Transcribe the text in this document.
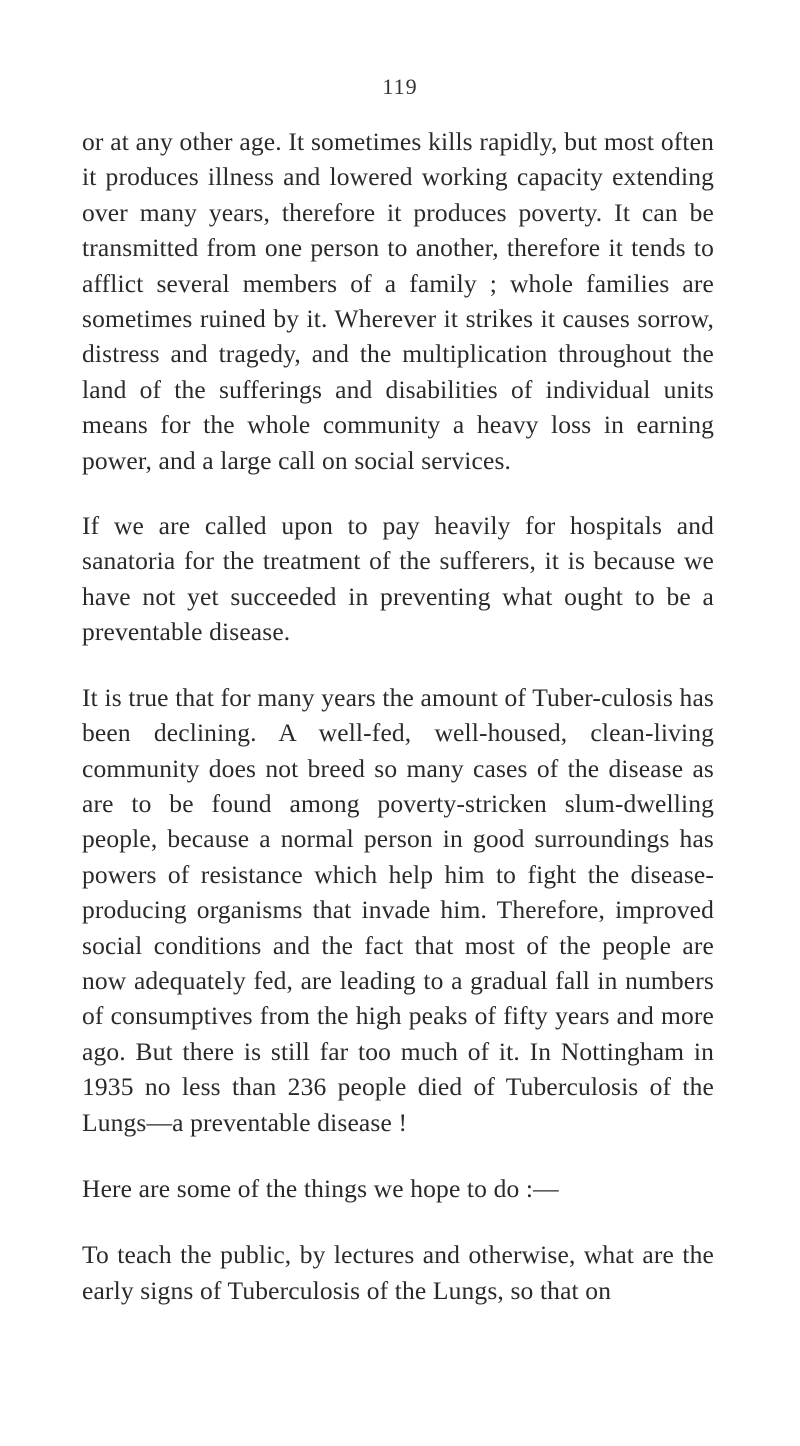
119

or at any other age. It sometimes kills rapidly, but most often it produces illness and lowered working capacity extending over many years, therefore it produces poverty. It can be transmitted from one person to another, therefore it tends to afflict several members of a family ; whole families are sometimes ruined by it. Wherever it strikes it causes sorrow, distress and tragedy, and the multiplication throughout the land of the sufferings and disabilities of individual units means for the whole community a heavy loss in earning power, and a large call on social services.

If we are called upon to pay heavily for hospitals and sanatoria for the treatment of the sufferers, it is because we have not yet succeeded in preventing what ought to be a preventable disease.

It is true that for many years the amount of Tuber-culosis has been declining. A well-fed, well-housed, clean-living community does not breed so many cases of the disease as are to be found among poverty-stricken slum-dwelling people, because a normal person in good surroundings has powers of resistance which help him to fight the disease-producing organisms that invade him. Therefore, improved social conditions and the fact that most of the people are now adequately fed, are leading to a gradual fall in numbers of consumptives from the high peaks of fifty years and more ago. But there is still far too much of it. In Nottingham in 1935 no less than 236 people died of Tuberculosis of the Lungs—a preventable disease !

Here are some of the things we hope to do :—

To teach the public, by lectures and otherwise, what are the early signs of Tuberculosis of the Lungs, so that on
